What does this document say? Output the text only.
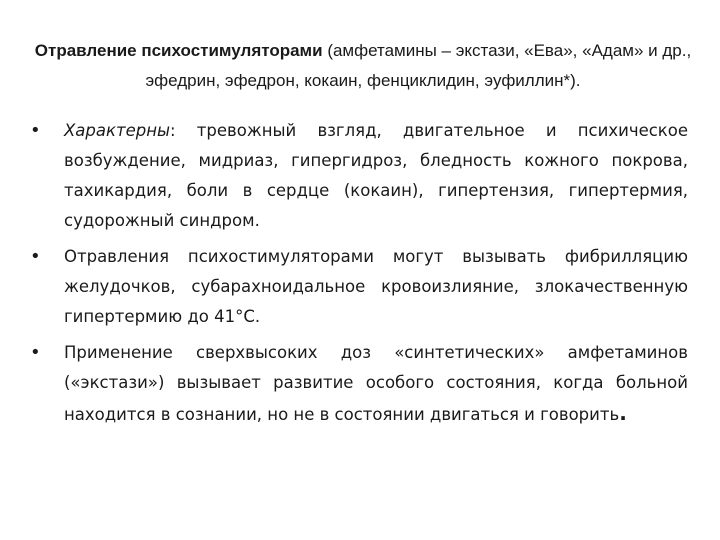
Отравление психостимуляторами (амфетамины – экстази, «Ева», «Адам» и др., эфедрин, эфедрон, кокаин, фенциклидин, эуфиллин*).
• Характерны: тревожный взгляд, двигательное и психическое возбуждение, мидриаз, гипергидроз, бледность кожного покрова, тахикардия, боли в сердце (кокаин), гипертензия, гипертермия, судорожный синдром.
• Отравления психостимуляторами могут вызывать фибрилляцию желудочков, субарахноидальное кровоизлияние, злокачественную гипертермию до 41°С.
• Применение сверхвысоких доз «синтетических» амфетаминов («экстази») вызывает развитие особого состояния, когда больной находится в сознании, но не в состоянии двигаться и говорить.
